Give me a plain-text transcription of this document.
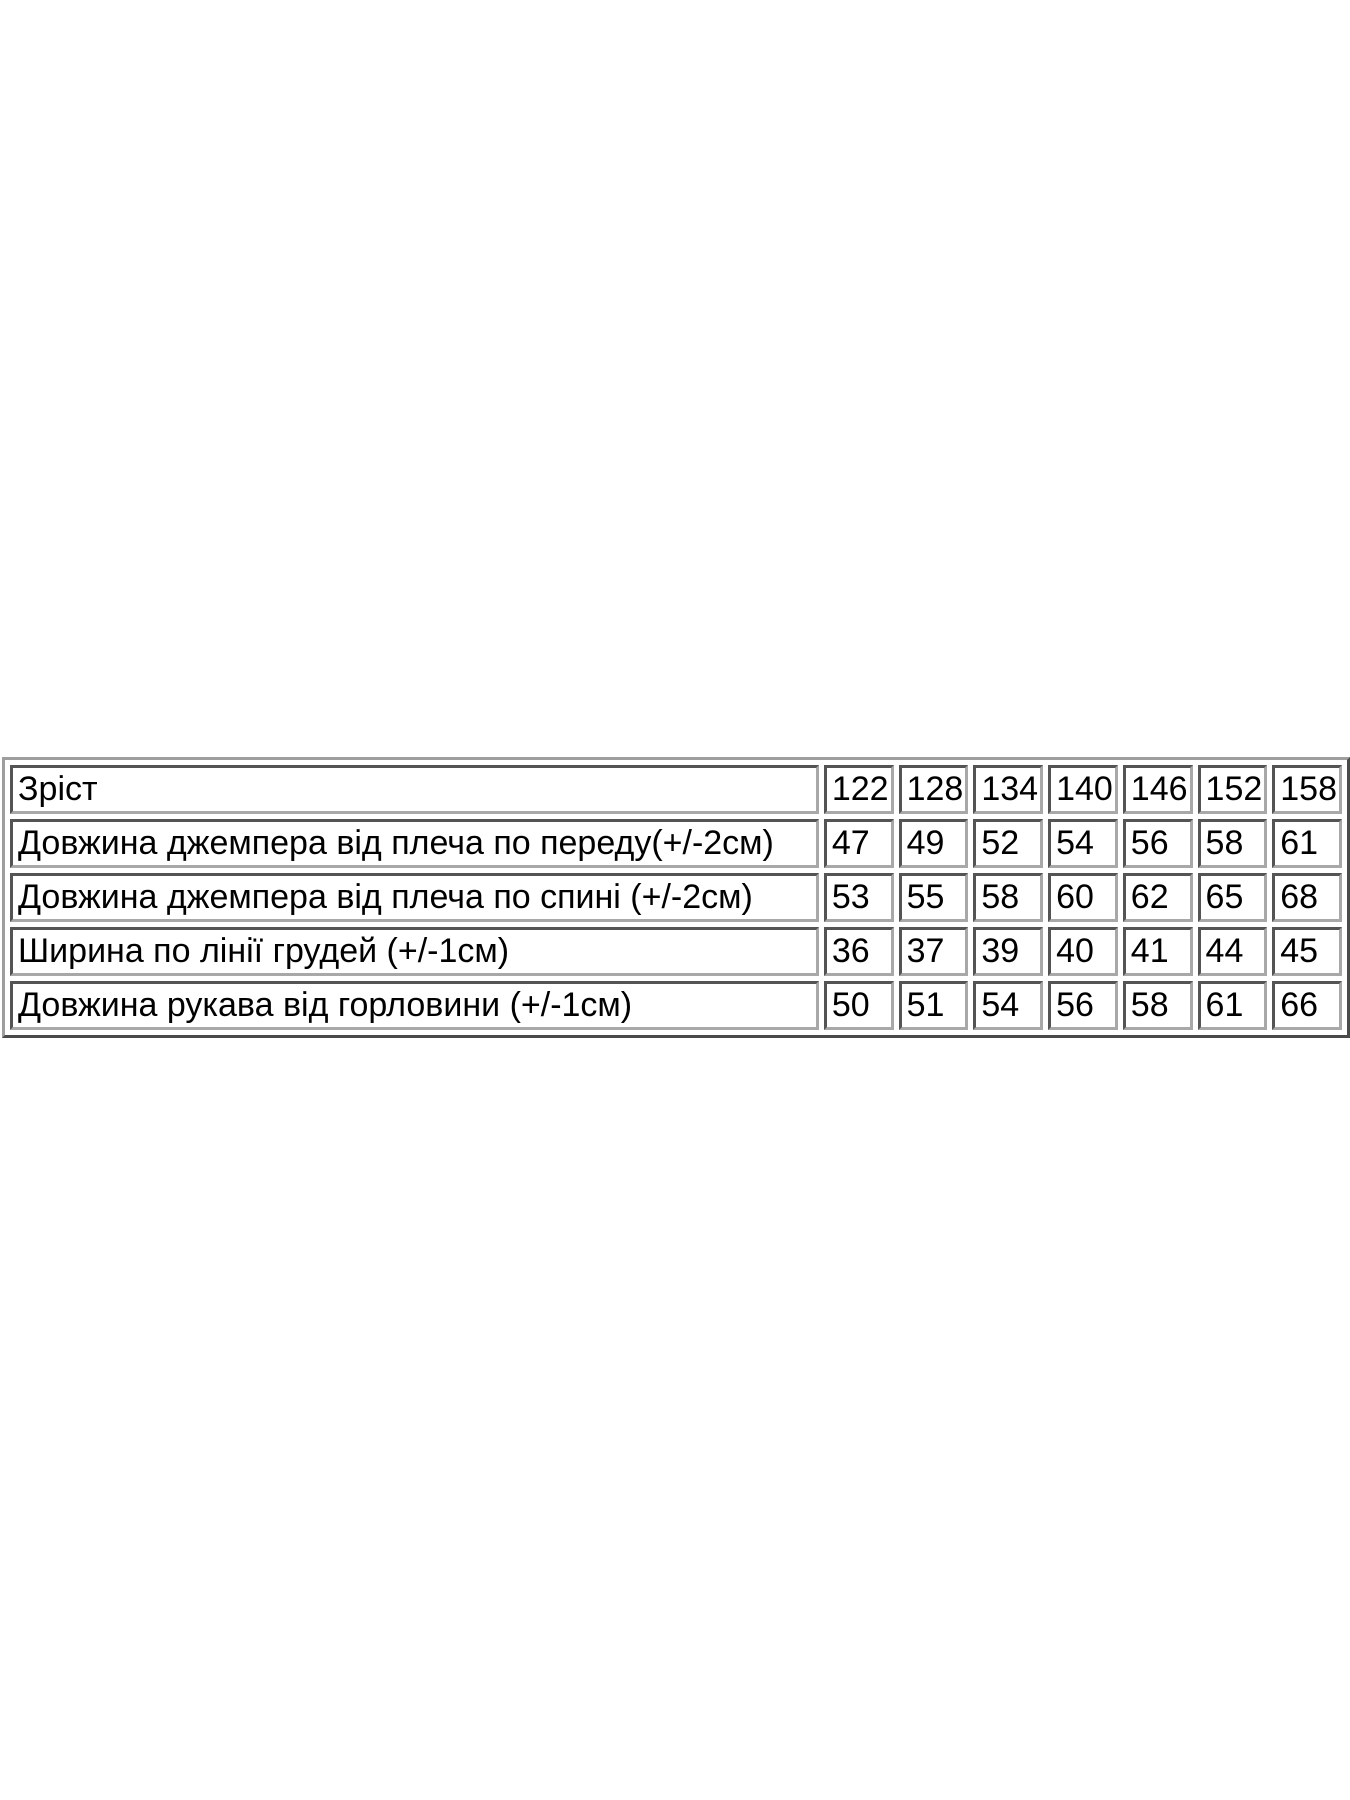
Зріст	122	128	134	140	146	152	158
Довжина джемпера від плеча по переду(+/-2см)	47	49	52	54	56	58	61
Довжина джемпера від плеча по спині (+/-2см)	53	55	58	60	62	65	68
Ширина по лінії грудей (+/-1см)	36	37	39	40	41	44	45
Довжина рукава від горловини (+/-1см)	50	51	54	56	58	61	66
